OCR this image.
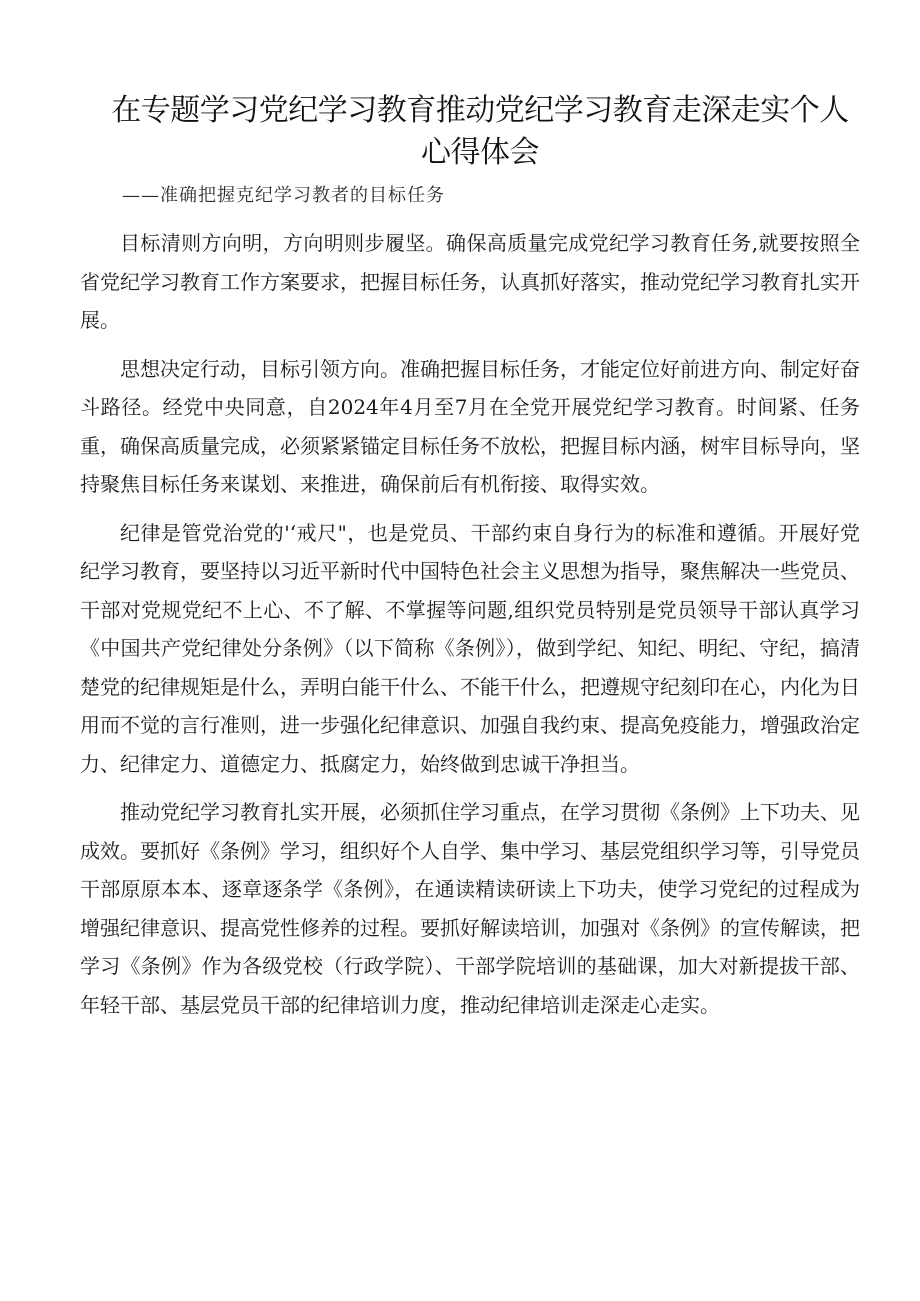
在专题学习党纪学习教育推动党纪学习教育走深走实个人心得体会

——准确把握克纪学习教者的目标任务

目标清则方向明，方向明则步履坚。确保高质量完成党纪学习教育任务,就要按照全省党纪学习教育工作方案要求，把握目标任务，认真抓好落实，推动党纪学习教育扎实开展。

思想决定行动，目标引领方向。准确把握目标任务，才能定位好前进方向、制定好奋斗路径。经党中央同意，自2024年4月至7月在全党开展党纪学习教育。时间紧、任务重，确保高质量完成，必须紧紧锚定目标任务不放松，把握目标内涵，树牢目标导向，坚持聚焦目标任务来谋划、来推进，确保前后有机衔接、取得实效。

纪律是管党治党的'‘戒尺"，也是党员、干部约束自身行为的标准和遵循。开展好党纪学习教育，要坚持以习近平新时代中国特色社会主义思想为指导，聚焦解决一些党员、干部对党规党纪不上心、不了解、不掌握等问题,组织党员特别是党员领导干部认真学习《中国共产党纪律处分条例》（以下简称《条例》），做到学纪、知纪、明纪、守纪，搞清楚党的纪律规矩是什么，弄明白能干什么、不能干什么，把遵规守纪刻印在心，内化为日用而不觉的言行准则，进一步强化纪律意识、加强自我约束、提高免疫能力，增强政治定力、纪律定力、道德定力、抵腐定力，始终做到忠诚干净担当。

推动党纪学习教育扎实开展，必须抓住学习重点，在学习贯彻《条例》上下功夫、见成效。要抓好《条例》学习，组织好个人自学、集中学习、基层党组织学习等，引导党员干部原原本本、逐章逐条学《条例》，在通读精读研读上下功夫，使学习党纪的过程成为增强纪律意识、提高党性修养的过程。要抓好解读培训，加强对《条例》的宣传解读，把学习《条例》作为各级党校（行政学院）、干部学院培训的基础课，加大对新提拔干部、年轻干部、基层党员干部的纪律培训力度，推动纪律培训走深走心走实。
